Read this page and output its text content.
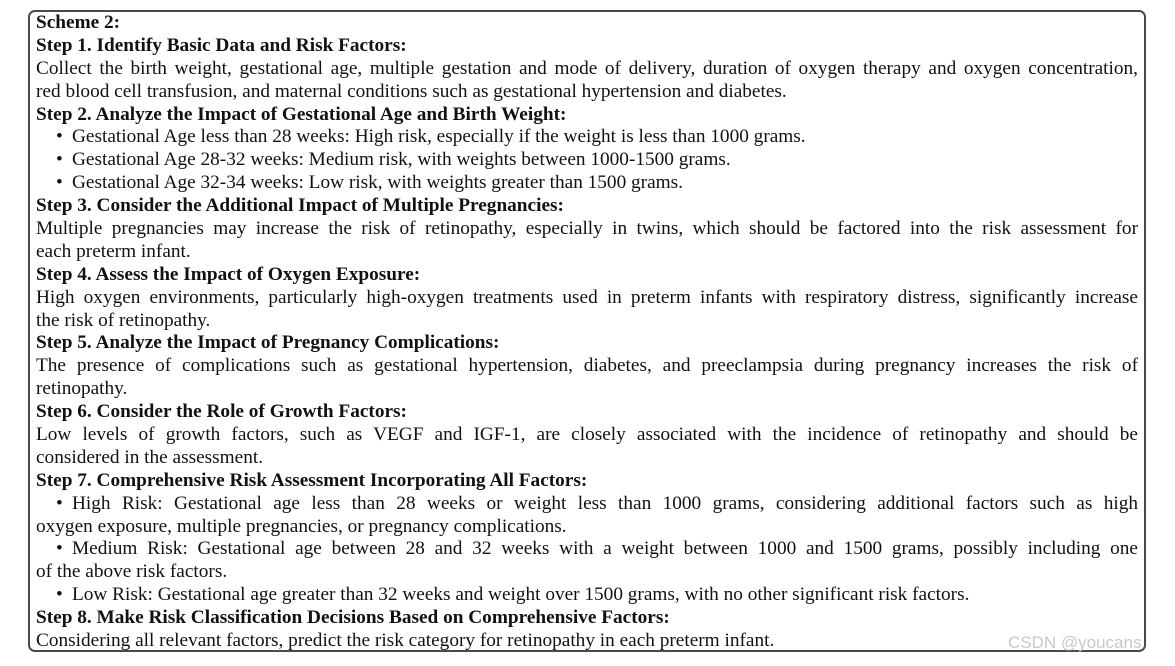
Scheme 2:
Step 1. Identify Basic Data and Risk Factors:
Collect the birth weight, gestational age, multiple gestation and mode of delivery, duration of oxygen therapy and oxygen concentration,
red blood cell transfusion, and maternal conditions such as gestational hypertension and diabetes.
Step 2. Analyze the Impact of Gestational Age and Birth Weight:
• Gestational Age less than 28 weeks: High risk, especially if the weight is less than 1000 grams.
• Gestational Age 28-32 weeks: Medium risk, with weights between 1000-1500 grams.
• Gestational Age 32-34 weeks: Low risk, with weights greater than 1500 grams.
Step 3. Consider the Additional Impact of Multiple Pregnancies:
Multiple pregnancies may increase the risk of retinopathy, especially in twins, which should be factored into the risk assessment for
each preterm infant.
Step 4. Assess the Impact of Oxygen Exposure:
High oxygen environments, particularly high-oxygen treatments used in preterm infants with respiratory distress, significantly increase
the risk of retinopathy.
Step 5. Analyze the Impact of Pregnancy Complications:
The presence of complications such as gestational hypertension, diabetes, and preeclampsia during pregnancy increases the risk of
retinopathy.
Step 6. Consider the Role of Growth Factors:
Low levels of growth factors, such as VEGF and IGF-1, are closely associated with the incidence of retinopathy and should be
considered in the assessment.
Step 7. Comprehensive Risk Assessment Incorporating All Factors:
• High Risk: Gestational age less than 28 weeks or weight less than 1000 grams, considering additional factors such as high
oxygen exposure, multiple pregnancies, or pregnancy complications.
• Medium Risk: Gestational age between 28 and 32 weeks with a weight between 1000 and 1500 grams, possibly including one
of the above risk factors.
• Low Risk: Gestational age greater than 32 weeks and weight over 1500 grams, with no other significant risk factors.
Step 8. Make Risk Classification Decisions Based on Comprehensive Factors:
Considering all relevant factors, predict the risk category for retinopathy in each preterm infant.	CSDN @youcans
